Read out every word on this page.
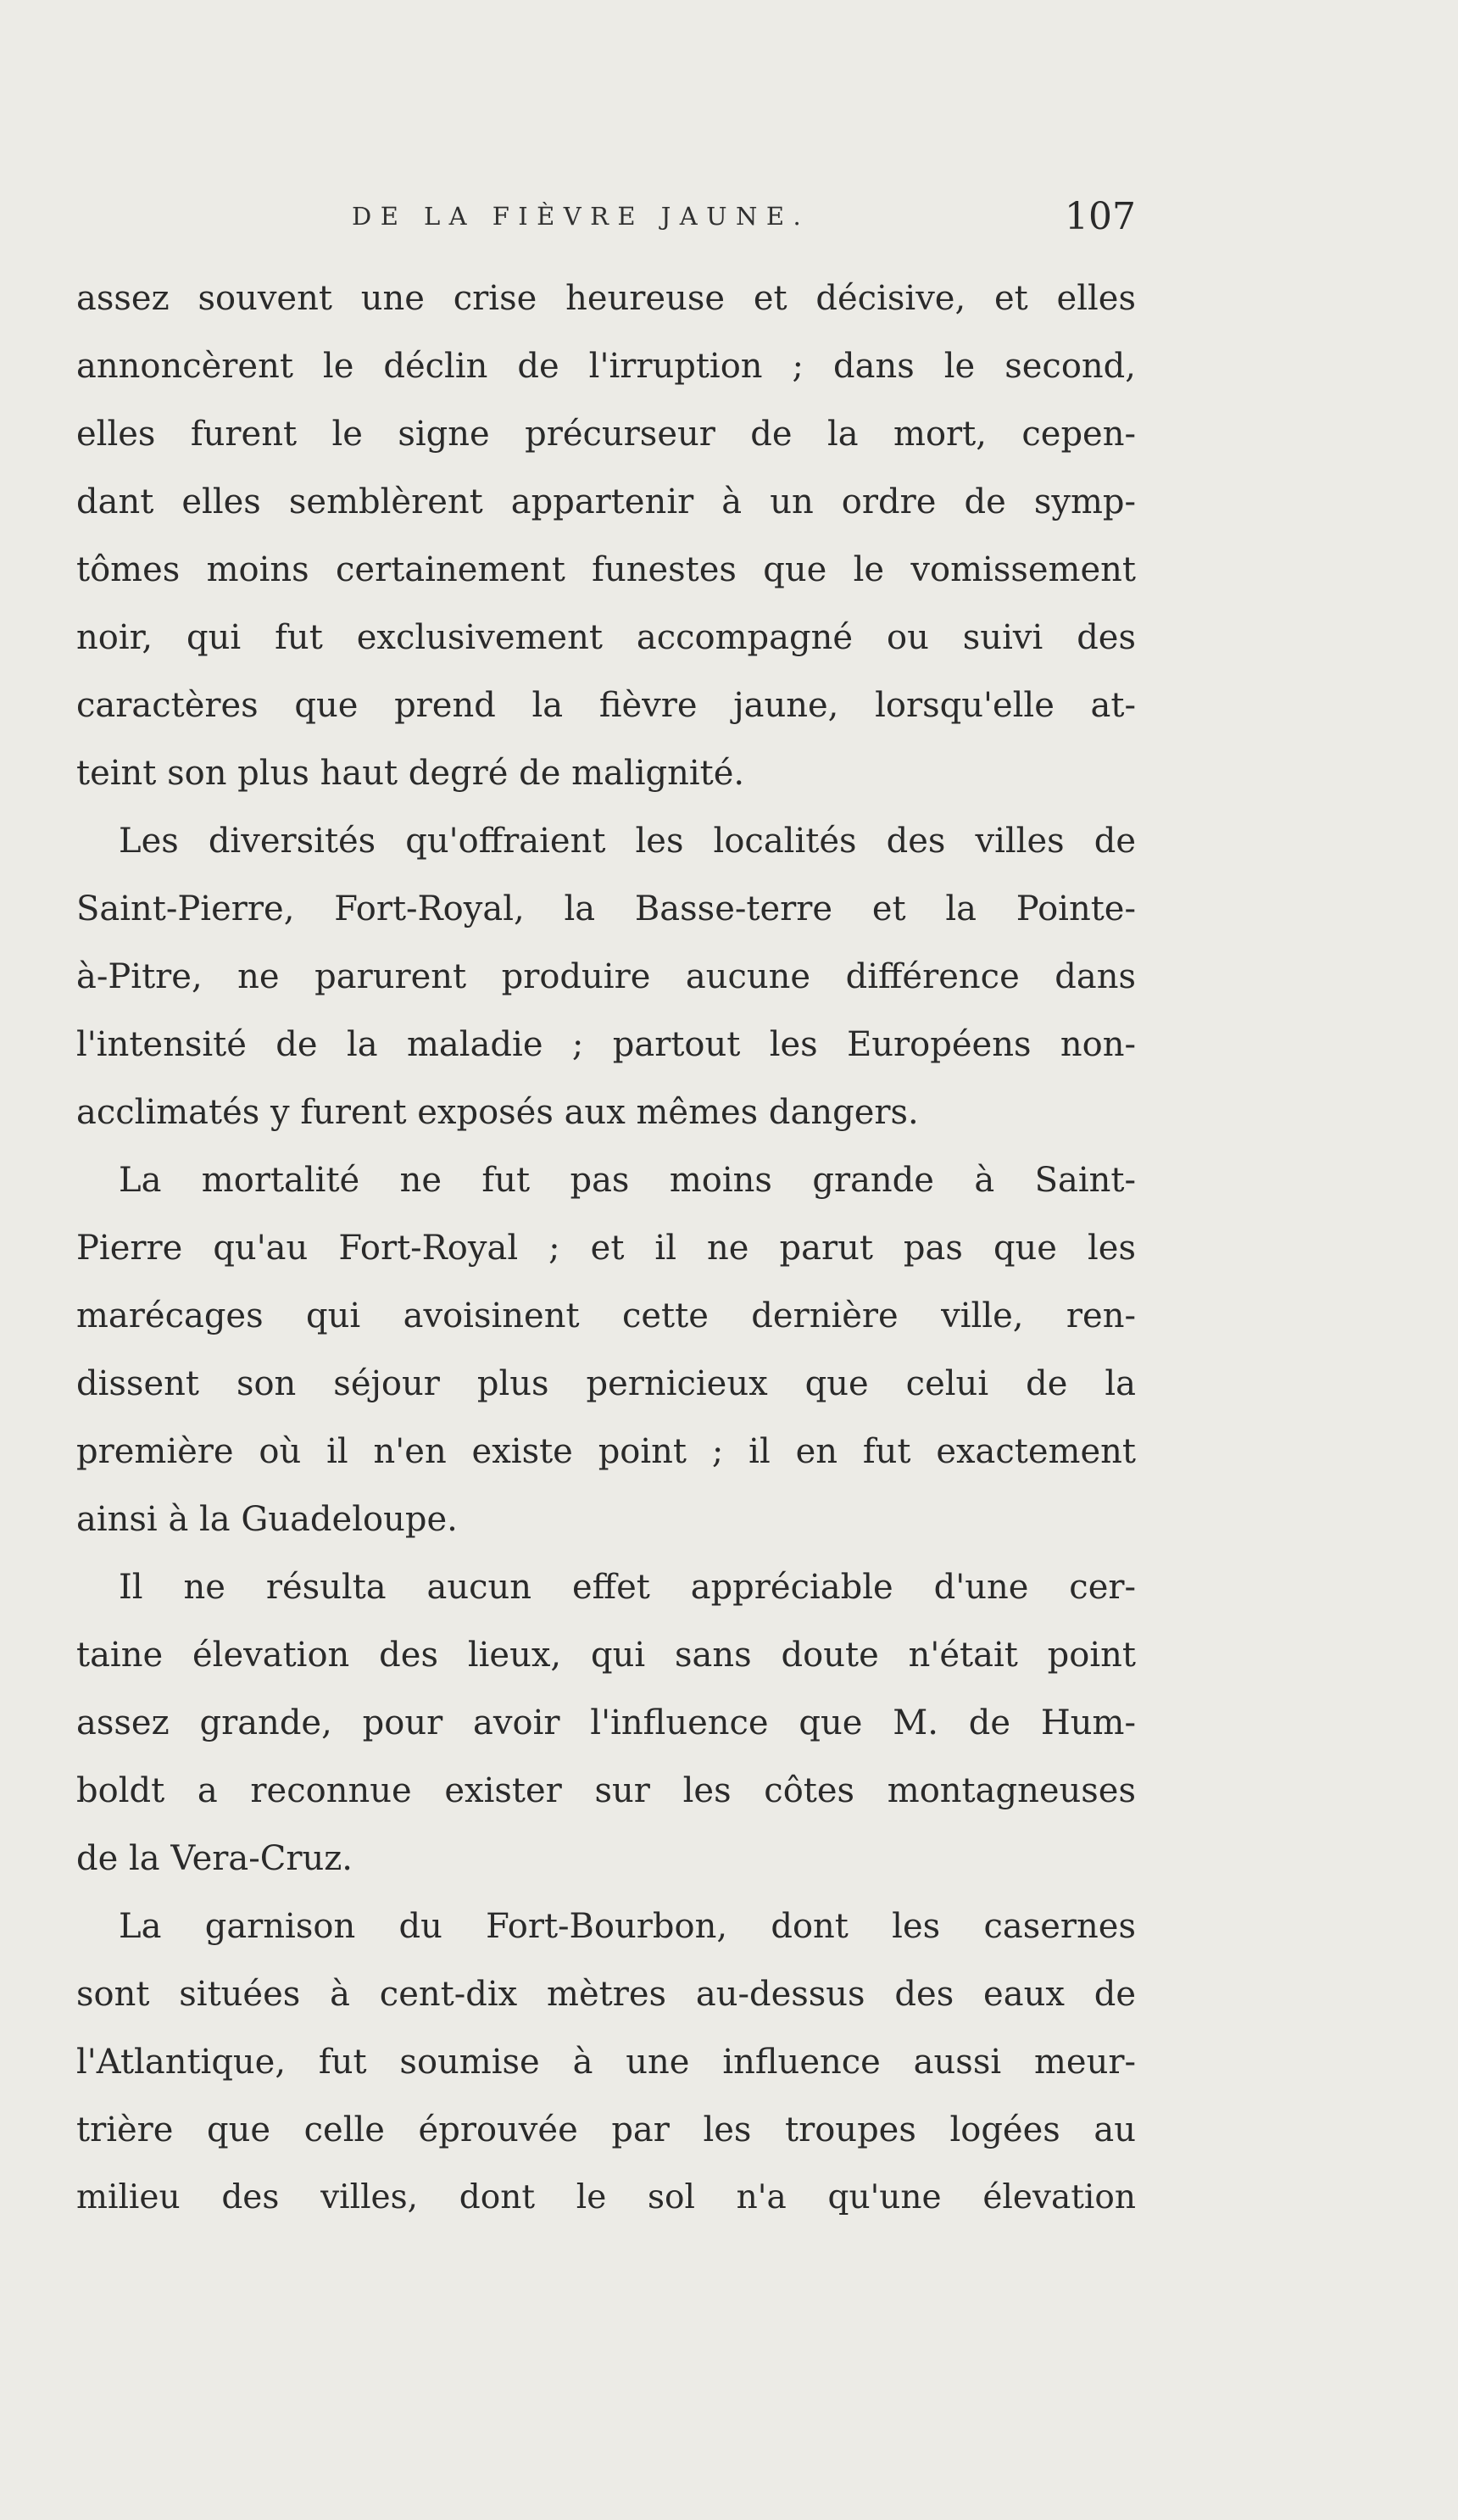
DE LA FIÈVRE JAUNE.	107
assez souvent une crise heureuse et décisive, et elles
annoncèrent le déclin de l'irruption ; dans le second,
elles furent le signe précurseur de la mort, cepen-
dant elles semblèrent appartenir à un ordre de symp-
tômes moins certainement funestes que le vomissement
noir, qui fut exclusivement accompagné ou suivi des
caractères que prend la fièvre jaune, lorsqu'elle at-
teint son plus haut degré de malignité.
Les diversités qu'offraient les localités des villes de
Saint-Pierre, Fort-Royal, la Basse-terre et la Pointe-
à-Pitre, ne parurent produire aucune différence dans
l'intensité de la maladie ; partout les Européens non-
acclimatés y furent exposés aux mêmes dangers.
La mortalité ne fut pas moins grande à Saint-
Pierre qu'au Fort-Royal ; et il ne parut pas que les
marécages qui avoisinent cette dernière ville, ren-
dissent son séjour plus pernicieux que celui de la
première où il n'en existe point ; il en fut exactement
ainsi à la Guadeloupe.
Il ne résulta aucun effet appréciable d'une cer-
taine élevation des lieux, qui sans doute n'était point
assez grande, pour avoir l'influence que M. de Hum-
boldt a reconnue exister sur les côtes montagneuses
de la Vera-Cruz.
La garnison du Fort-Bourbon, dont les casernes
sont situées à cent-dix mètres au-dessus des eaux de
l'Atlantique, fut soumise à une influence aussi meur-
trière que celle éprouvée par les troupes logées au
milieu des villes, dont le sol n'a qu'une élevation
